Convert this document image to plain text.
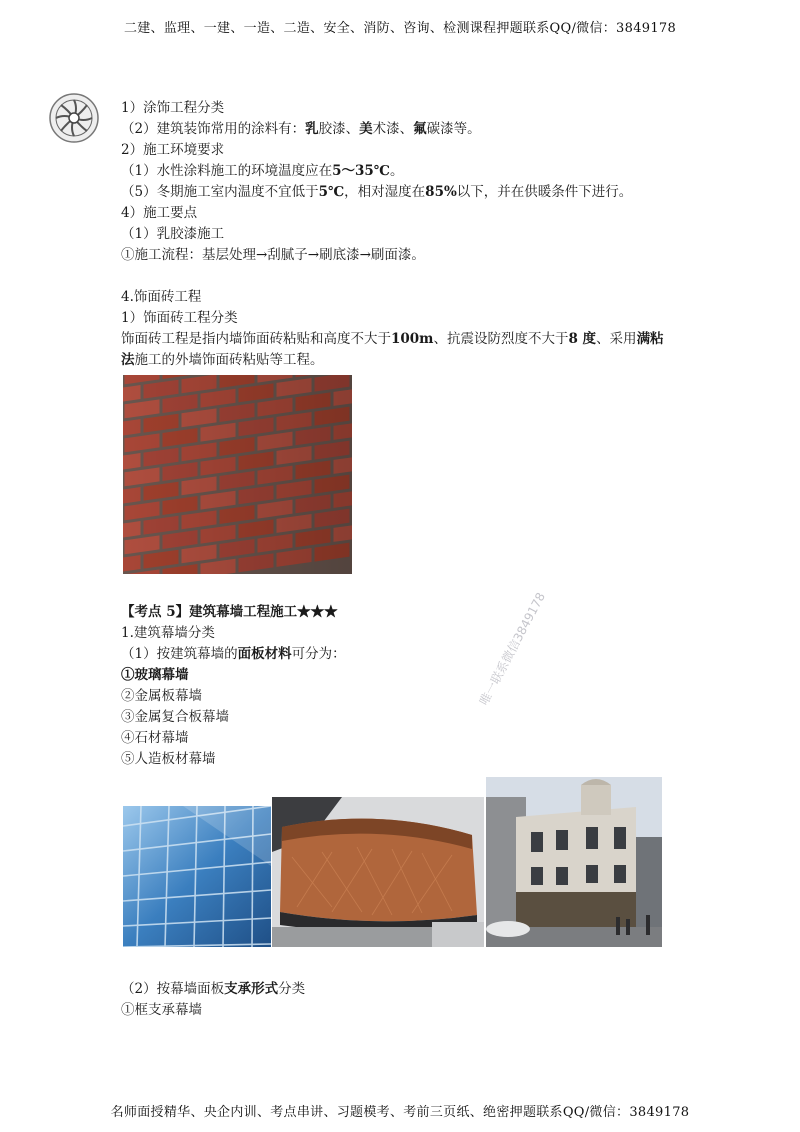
二建、监理、一建、一造、二造、安全、消防、咨询、检测课程押题联系QQ/微信：3849178
1）涂饰工程分类
（2）建筑装饰常用的涂料有：乳胶漆、美术漆、氟碳漆等。
2）施工环境要求
（1）水性涂料施工的环境温度应在5～35℃。
（5）冬期施工室内温度不宜低于5℃，相对湿度在85%以下，并在供暖条件下进行。
4）施工要点
（1）乳胶漆施工
①施工流程：基层处理→刮腻子→刷底漆→刷面漆。
4.饰面砖工程
1）饰面砖工程分类
饰面砖工程是指内墙饰面砖粘贴和高度不大于100m、抗震设防烈度不大于8 度、采用满粘
法施工的外墙饰面砖粘贴等工程。
【考点 5】建筑幕墙工程施工★★★
1.建筑幕墙分类
（1）按建筑幕墙的面板材料可分为：
①玻璃幕墙
②金属板幕墙
③金属复合板幕墙
④石材幕墙
⑤人造板材幕墙
唯一联系微信3849178
（2）按幕墙面板支承形式分类
①框支承幕墙
名师面授精华、央企内训、考点串讲、习题模考、考前三页纸、绝密押题联系QQ/微信：3849178
